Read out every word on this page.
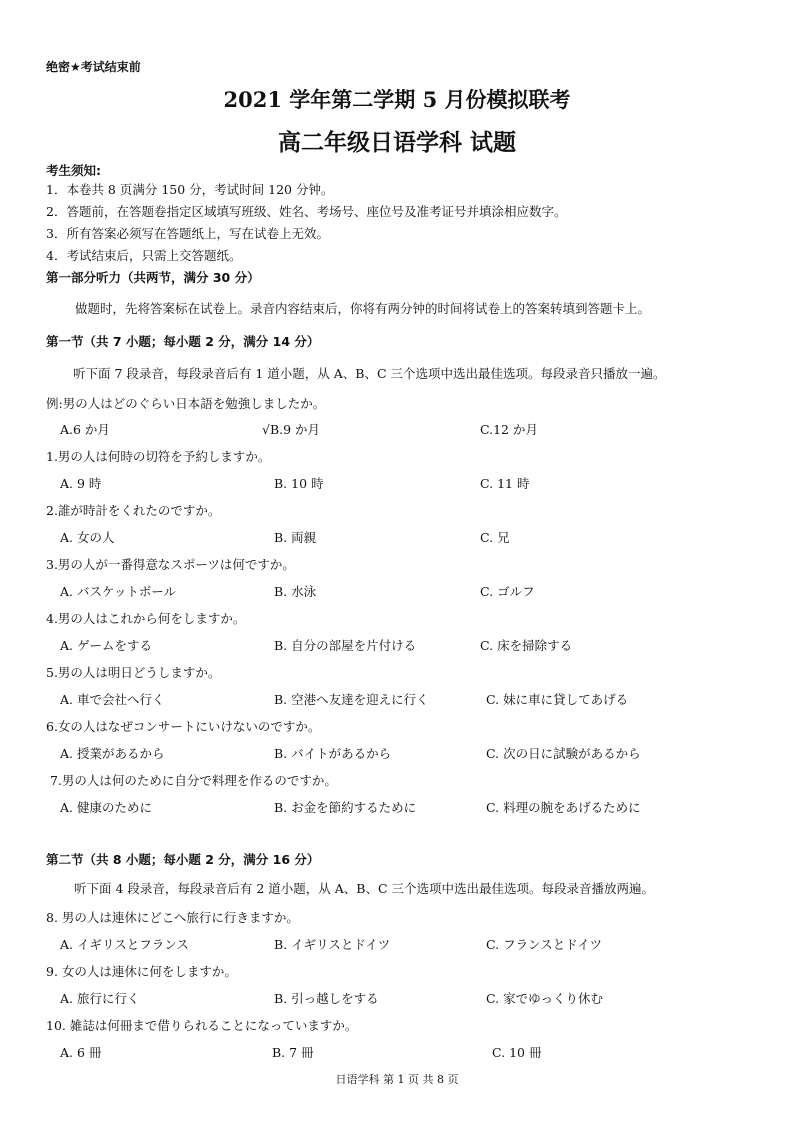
绝密★考试结束前
2021 学年第二学期 5 月份模拟联考
高二年级日语学科 试题
考生须知:
1．本卷共 8 页满分 150 分，考试时间 120 分钟。
2．答题前，在答题卷指定区域填写班级、姓名、考场号、座位号及准考证号并填涂相应数字。
3．所有答案必须写在答题纸上，写在试卷上无效。
4．考试结束后，只需上交答题纸。
第一部分听力（共两节，满分 30 分）
做题时，先将答案标在试卷上。录音内容结束后，你将有两分钟的时间将试卷上的答案转填到答题卡上。
第一节（共 7 小题；每小题 2 分，满分 14 分）
听下面 7 段录音，每段录音后有 1 道小题，从 A、B、C 三个选项中选出最佳选项。每段录音只播放一遍。
例:男の人はどのぐらい日本語を勉強しましたか。
A.6 か月	√B.9 か月	C.12 か月
1.男の人は何時の切符を予約しますか。
A. 9 時	B. 10 時	C. 11 時
2.誰が時計をくれたのですか。
A. 女の人	B. 両親	C. 兄
3.男の人が一番得意なスポーツは何ですか。
A. バスケットボール	B. 水泳	C. ゴルフ
4.男の人はこれから何をしますか。
A. ゲームをする	B. 自分の部屋を片付ける	C. 床を掃除する
5.男の人は明日どうしますか。
A. 車で会社へ行く	B. 空港へ友達を迎えに行く	C. 妹に車に貸してあげる
6.女の人はなぜコンサートにいけないのですか。
A. 授業があるから	B. バイトがあるから	C. 次の日に試験があるから
7.男の人は何のために自分で料理を作るのですか。
A. 健康のために	B. お金を節約するために	C. 料理の腕をあげるために
第二节（共 8 小题；每小题 2 分，满分 16 分）
听下面 4 段录音，每段录音后有 2 道小题，从 A、B、C 三个选项中选出最佳选项。每段录音播放两遍。
8. 男の人は連休にどこへ旅行に行きますか。
A. イギリスとフランス	B. イギリスとドイツ	C. フランスとドイツ
9. 女の人は連休に何をしますか。
A. 旅行に行く	B. 引っ越しをする	C. 家でゆっくり休む
10. 雑誌は何冊まで借りられることになっていますか。
A. 6 冊	B. 7 冊	C. 10 冊
日语学科 第 1 页 共 8 页
